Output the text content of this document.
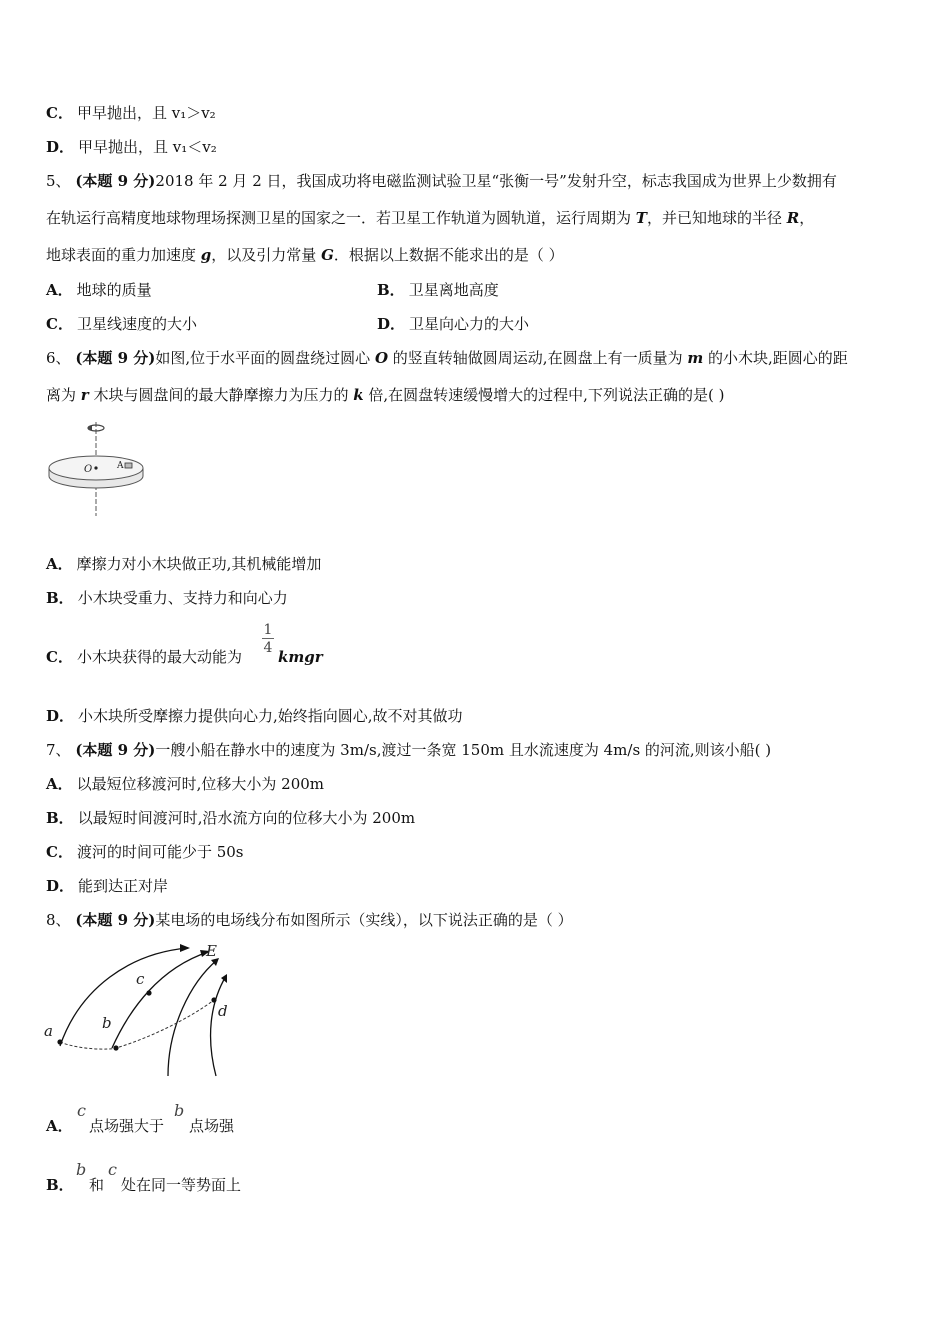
C． 甲早抛出，且 v₁＞v₂
D． 甲早抛出，且 v₁＜v₂
5、 (本题 9 分)2018 年 2 月 2 日，我国成功将电磁监测试验卫星“张衡一号”发射升空，标志我国成为世界上少数拥有
在轨运行高精度地球物理场探测卫星的国家之一．若卫星工作轨道为圆轨道，运行周期为 T，并已知地球的半径 R，
地球表面的重力加速度 g，以及引力常量 G．根据以上数据不能求出的是（ ）
A． 地球的质量	B． 卫星离地高度
C． 卫星线速度的大小	D． 卫星向心力的大小
6、 (本题 9 分)如图,位于水平面的圆盘绕过圆心 O 的竖直转轴做圆周运动,在圆盘上有一质量为 m 的小木块,距圆心的距
离为 r 木块与圆盘间的最大静摩擦力为压力的 k 倍,在圆盘转速缓慢增大的过程中,下列说法正确的是( )
O	A
A． 摩擦力对小木块做正功,其机械能增加
B． 小木块受重力、支持力和向心力
C． 小木块获得的最大动能为 $\frac{1}{4}$ kmgr
D． 小木块所受摩擦力提供向心力,始终指向圆心,故不对其做功
7、 (本题 9 分)一艘小船在静水中的速度为 3m/s,渡过一条宽 150m 且水流速度为 4m/s 的河流,则该小船( )
A． 以最短位移渡河时,位移大小为 200m
B． 以最短时间渡河时,沿水流方向的位移大小为 200m
C． 渡河的时间可能少于 50s
D． 能到达正对岸
8、 (本题 9 分)某电场的电场线分布如图所示（实线），以下说法正确的是（ ）
E
a	b
c
d
A．
c
点场强大于
b
点场强
B．
b
和
c
处在同一等势面上
